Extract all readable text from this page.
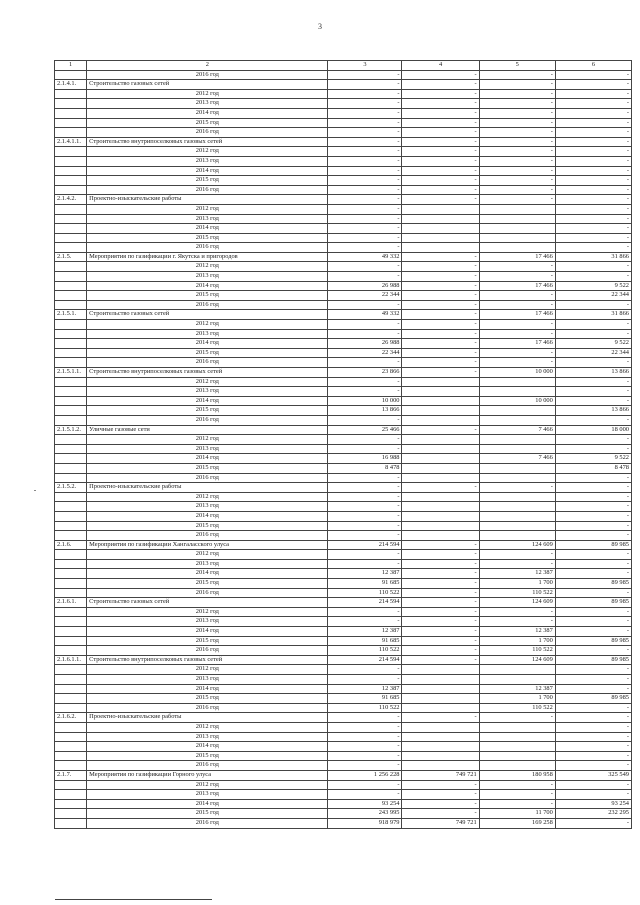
3
1	2	3	4	5	6
	2016 год	-	-	-	-
2.1.4.1.	Строительство газовых сетей	-	-	-	-
	2012 год	-	-	-	-
	2013 год	-	-	-	-
	2014 год	-	-	-	-
	2015 год	-	-	-	-
	2016 год	-	-	-	-
2.1.4.1.1.	Строительство внутрипоселковых газовых сетей	-	-	-	-
	2012 год	-	-	-	-
	2013 год	-	-	-	-
	2014 год	-	-	-	-
	2015 год	-	-	-	-
	2016 год	-	-	-	-
2.1.4.2.	Проектно-изыскательские работы	-	-	-	-
	2012 год	-			-
	2013 год	-			-
	2014 год	-			-
	2015 год	-			-
	2016 год	-			-
2.1.5.	Мероприятия по газификации г. Якутска и пригородов	49 332	-	17 466	31 866
	2012 год	-	-	-	-
	2013 год	-	-	-	-
	2014 год	26 988	-	17 466	9 522
	2015 год	22 344	-	-	22 344
	2016 год	-	-	-	-
2.1.5.1.	Строительство газовых сетей	49 332	-	17 466	31 866
	2012 год	-	-	-	-
	2013 год	-	-	-	-
	2014 год	26 988	-	17 466	9 522
	2015 год	22 344	-	-	22 344
	2016 год	-	-	-	-
2.1.5.1.1.	Строительство внутрипоселковых газовых сетей	23 866	-	10 000	13 866
	2012 год	-			-
	2013 год	-			-
	2014 год	10 000		10 000	-
	2015 год	13 866			13 866
	2016 год	-			-
2.1.5.1.2.	Уличные газовые сети	25 466	-	7 466	18 000
	2012 год	-			-
	2013 год	-			-
	2014 год	16 988		7 466	9 522
	2015 год	8 478			8 478
	2016 год	-			-
2.1.5.2.	Проектно-изыскательские работы	-	-	-	-
	2012 год	-			-
	2013 год	-			-
	2014 год	-			-
	2015 год	-			-
	2016 год	-			-
2.1.6.	Мероприятия по газификации Хангаласского улуса	214 594	-	124 609	89 985
	2012 год	-	-	-	-
	2013 год	-	-	-	-
	2014 год	12 387	-	12 387	-
	2015 год	91 685	-	1 700	89 985
	2016 год	110 522	-	110 522	-
2.1.6.1.	Строительство газовых сетей	214 594	-	124 609	89 985
	2012 год	-	-	-	-
	2013 год	-	-	-	-
	2014 год	12 387	-	12 387	-
	2015 год	91 685	-	1 700	89 985
	2016 год	110 522	-	110 522	-
2.1.6.1.1.	Строительство внутрипоселковых газовых сетей	214 594	-	124 609	89 985
	2012 год	-			-
	2013 год	-			-
	2014 год	12 387		12 387	-
	2015 год	91 685		1 700	89 985
	2016 год	110 522		110 522	-
2.1.6.2.	Проектно-изыскательские работы	-	-	-	-
	2012 год	-			-
	2013 год	-			-
	2014 год	-			-
	2015 год	-			-
	2016 год	-			-
2.1.7.	Мероприятия по газификации Горного улуса	1 256 228	749 721	180 958	325 549
	2012 год	-	-	-	-
	2013 год	-	-	-	-
	2014 год	93 254	-	-	93 254
	2015 год	243 995	-	11 700	232 295
	2016 год	918 979	749 721	169 258	-
